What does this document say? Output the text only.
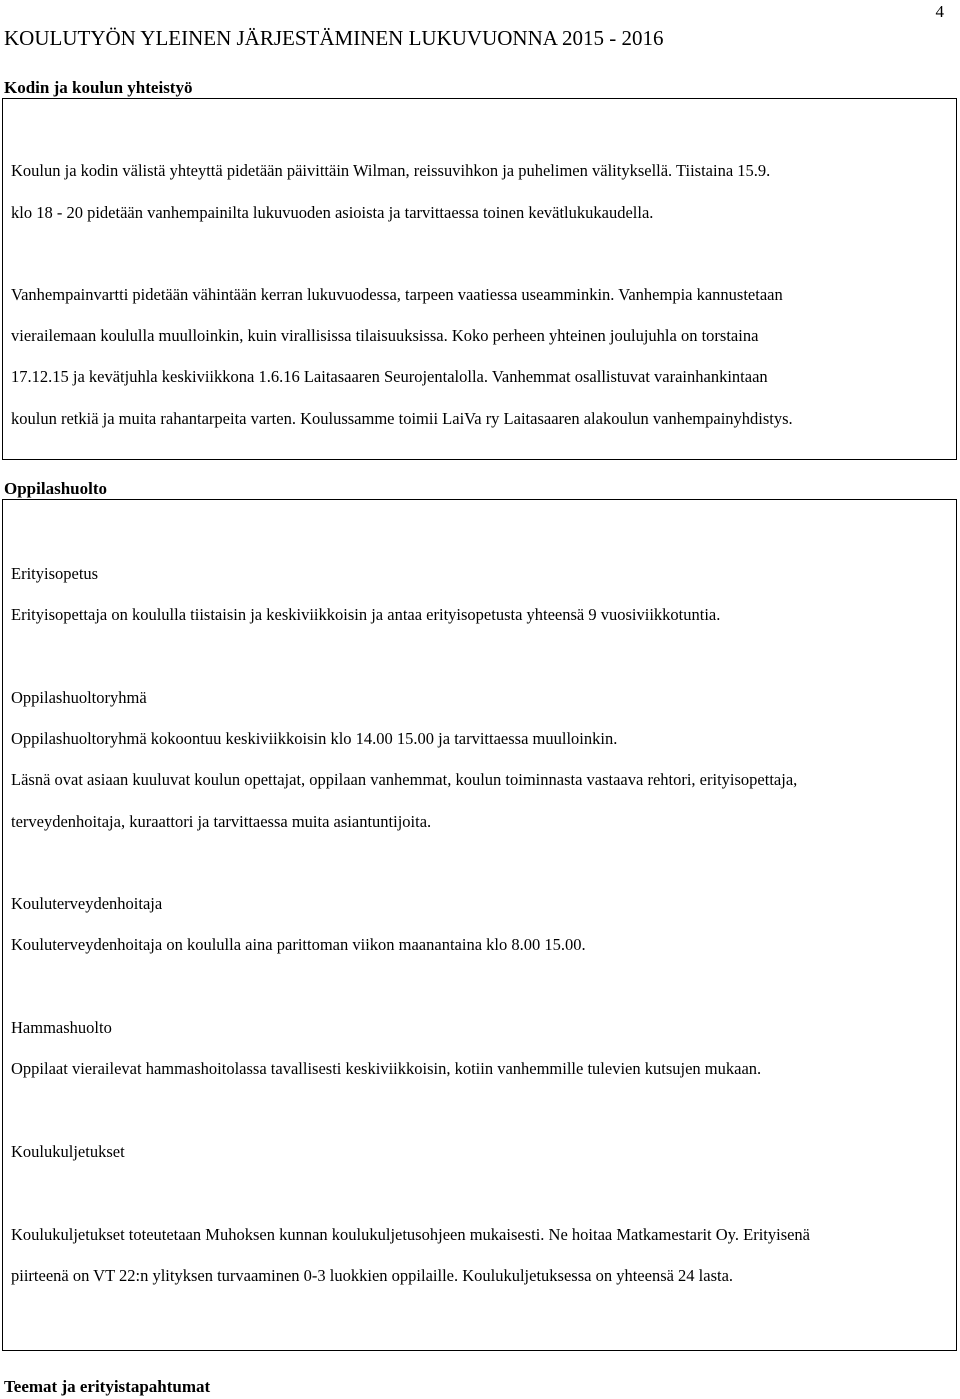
4
KOULUTYÖN YLEINEN JÄRJESTÄMINEN LUKUVUONNA 2015 - 2016
Kodin ja koulun yhteistyö
Koulun ja kodin välistä yhteyttä pidetään päivittäin Wilman, reissuvihkon ja puhelimen välityksellä. Tiistaina 15.9.
klo 18 - 20 pidetään vanhempainilta lukuvuoden asioista ja tarvittaessa toinen kevätlukukaudella.
Vanhempainvartti pidetään vähintään kerran lukuvuodessa, tarpeen vaatiessa useamminkin. Vanhempia kannustetaan
vierailemaan koululla muulloinkin, kuin virallisissa tilaisuuksissa. Koko perheen yhteinen joulujuhla on torstaina
17.12.15 ja kevätjuhla keskiviikkona 1.6.16 Laitasaaren Seurojentalolla. Vanhemmat osallistuvat varainhankintaan
koulun retkiä ja muita rahantarpeita varten. Koulussamme toimii LaiVa ry Laitasaaren alakoulun vanhempainyhdistys.
Oppilashuolto
Erityisopetus
Erityisopettaja on koululla tiistaisin ja keskiviikkoisin ja antaa erityisopetusta yhteensä 9 vuosiviikkotuntia.
Oppilashuoltoryhmä
Oppilashuoltoryhmä kokoontuu keskiviikkoisin klo 14.00 15.00 ja tarvittaessa muulloinkin.
Läsnä ovat asiaan kuuluvat koulun opettajat, oppilaan vanhemmat, koulun toiminnasta vastaava rehtori, erityisopettaja,
terveydenhoitaja, kuraattori ja tarvittaessa muita asiantuntijoita.
Kouluterveydenhoitaja
Kouluterveydenhoitaja on koululla aina parittoman viikon maanantaina klo 8.00 15.00.
Hammashuolto
Oppilaat vierailevat hammashoitolassa tavallisesti keskiviikkoisin, kotiin vanhemmille tulevien kutsujen mukaan.
Koulukuljetukset
Koulukuljetukset toteutetaan Muhoksen kunnan koulukuljetusohjeen mukaisesti. Ne hoitaa Matkamestarit Oy. Erityisenä
piirteenä on VT 22:n ylityksen turvaaminen 0-3 luokkien oppilaille. Koulukuljetuksessa on yhteensä 24 lasta.
Teemat ja erityistapahtumat
